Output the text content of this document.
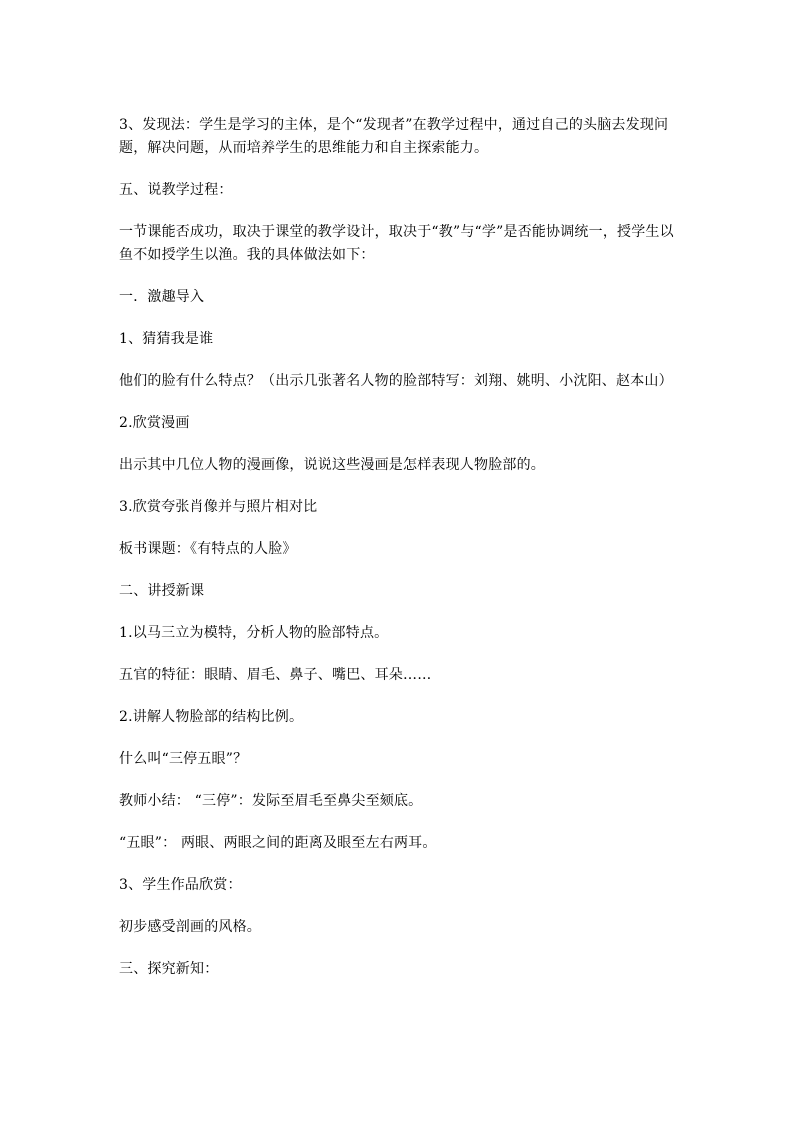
3、发现法：学生是学习的主体，是个“发现者”在教学过程中，通过自己的头脑去发现问题，解决问题，从而培养学生的思维能力和自主探索能力。

五、说教学过程：

一节课能否成功，取决于课堂的教学设计，取决于“教”与“学”是否能协调统一，授学生以鱼不如授学生以渔。我的具体做法如下：

一．激趣导入

1、猜猜我是谁

他们的脸有什么特点？（出示几张著名人物的脸部特写：刘翔、姚明、小沈阳、赵本山）

2.欣赏漫画

出示其中几位人物的漫画像，说说这些漫画是怎样表现人物脸部的。

3.欣赏夸张肖像并与照片相对比

板书课题：《有特点的人脸》

二、讲授新课

1.以马三立为模特，分析人物的脸部特点。

五官的特征：眼睛、眉毛、鼻子、嘴巴、耳朵……

2.讲解人物脸部的结构比例。

什么叫“三停五眼”？

教师小结： “三停”：发际至眉毛至鼻尖至颏底。

“五眼”： 两眼、两眼之间的距离及眼至左右两耳。

3、学生作品欣赏：

初步感受剖画的风格。

三、探究新知：
